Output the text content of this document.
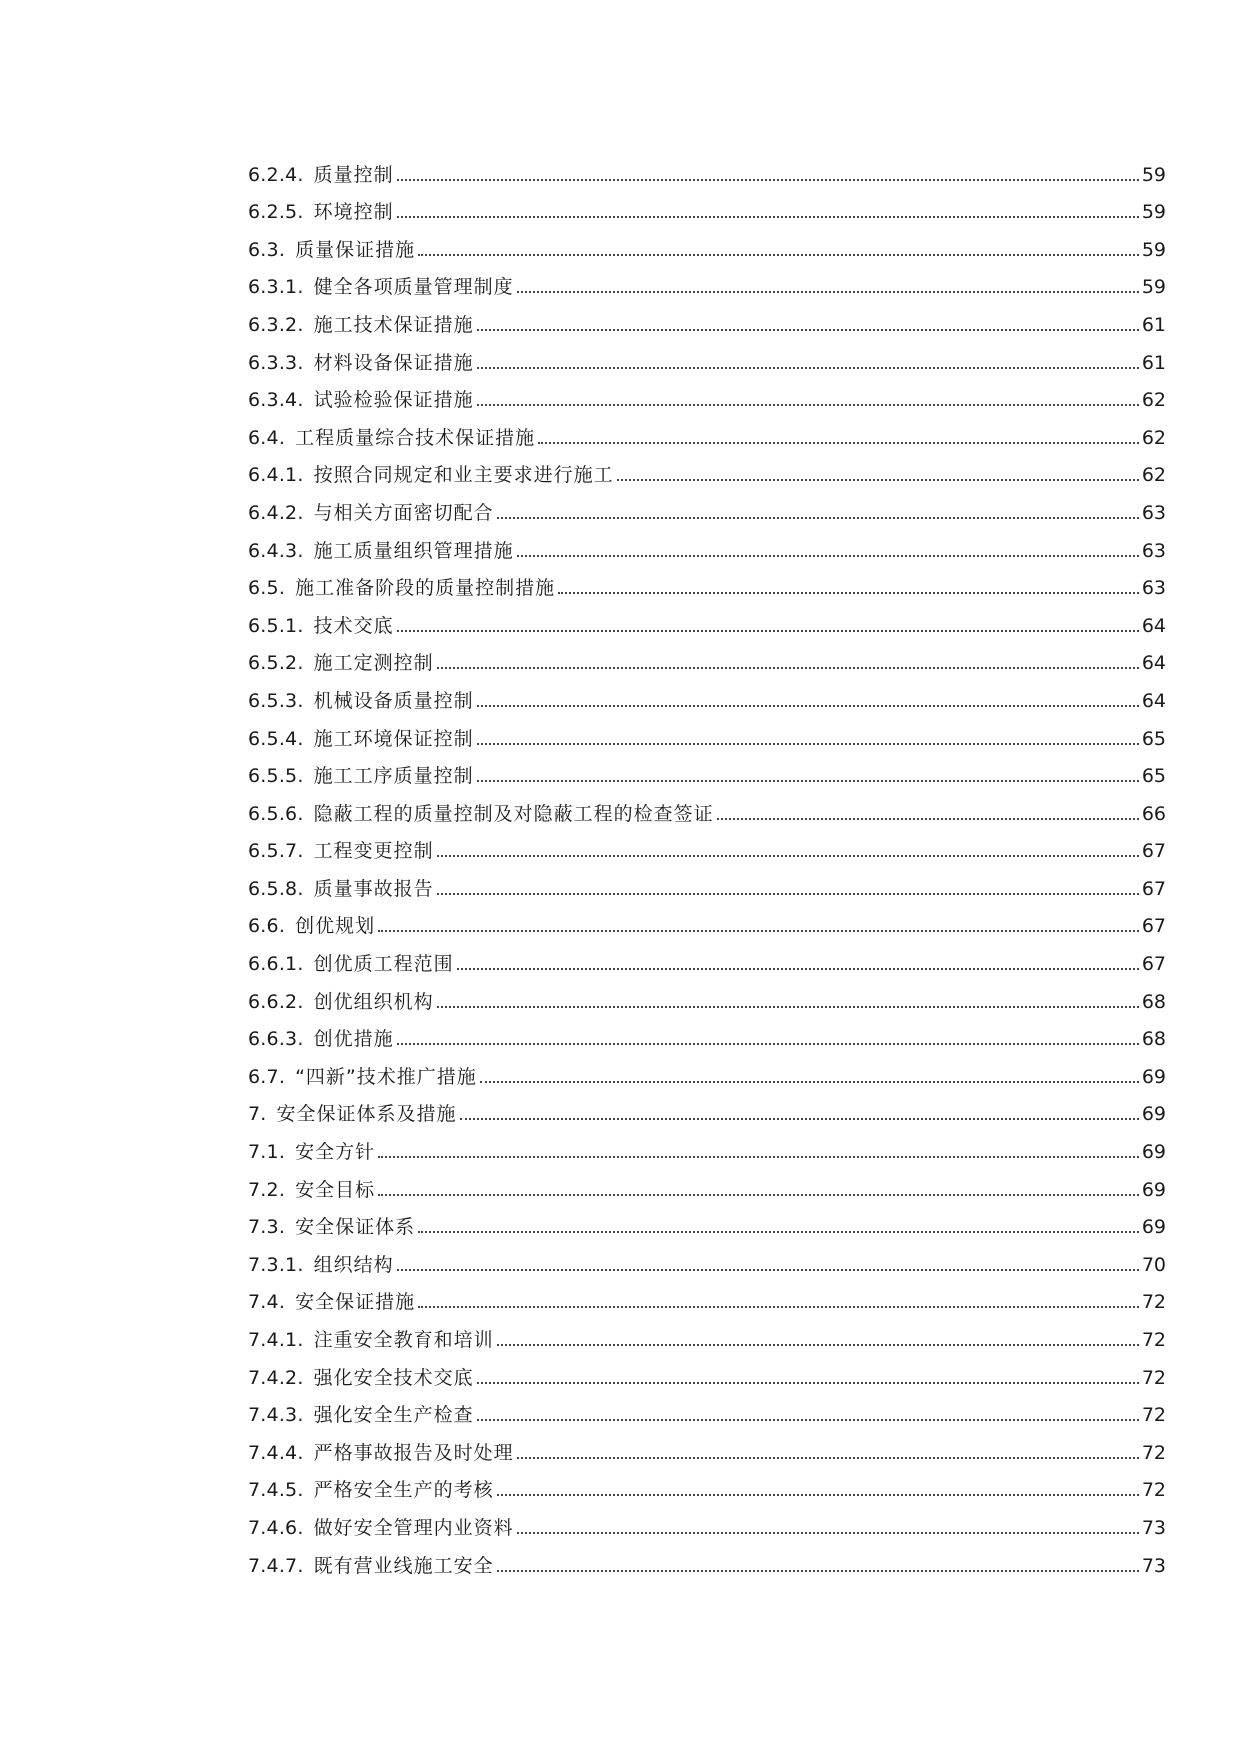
6.2.4. 质量控制	59
6.2.5. 环境控制	59
6.3. 质量保证措施	59
6.3.1. 健全各项质量管理制度	59
6.3.2. 施工技术保证措施	61
6.3.3. 材料设备保证措施	61
6.3.4. 试验检验保证措施	62
6.4. 工程质量综合技术保证措施	62
6.4.1. 按照合同规定和业主要求进行施工	62
6.4.2. 与相关方面密切配合	63
6.4.3. 施工质量组织管理措施	63
6.5. 施工准备阶段的质量控制措施	63
6.5.1. 技术交底	64
6.5.2. 施工定测控制	64
6.5.3. 机械设备质量控制	64
6.5.4. 施工环境保证控制	65
6.5.5. 施工工序质量控制	65
6.5.6. 隐蔽工程的质量控制及对隐蔽工程的检查签证	66
6.5.7. 工程变更控制	67
6.5.8. 质量事故报告	67
6.6. 创优规划	67
6.6.1. 创优质工程范围	67
6.6.2. 创优组织机构	68
6.6.3. 创优措施	68
6.7. “四新”技术推广措施	69
7. 安全保证体系及措施	69
7.1. 安全方针	69
7.2. 安全目标	69
7.3. 安全保证体系	69
7.3.1. 组织结构	70
7.4. 安全保证措施	72
7.4.1. 注重安全教育和培训	72
7.4.2. 强化安全技术交底	72
7.4.3. 强化安全生产检查	72
7.4.4. 严格事故报告及时处理	72
7.4.5. 严格安全生产的考核	72
7.4.6. 做好安全管理内业资料	73
7.4.7. 既有营业线施工安全	73
